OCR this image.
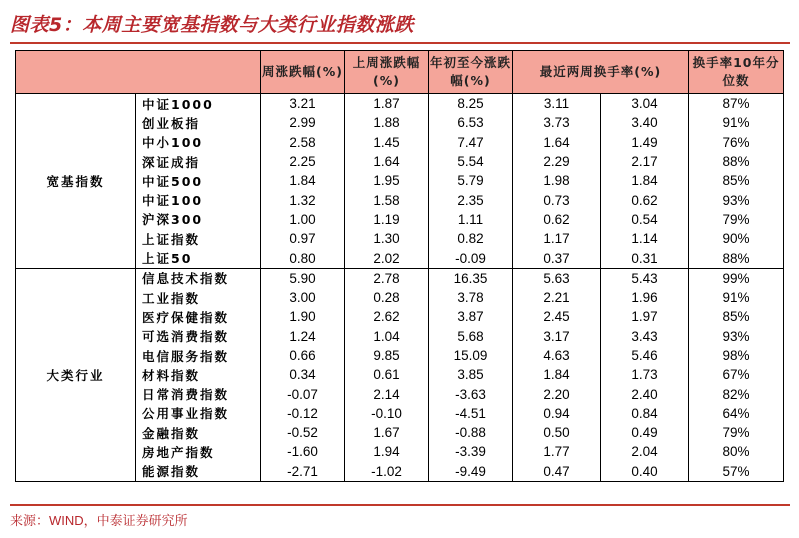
图表5：本周主要宽基指数与大类行业指数涨跌
		周涨跌幅(%)	上周涨跌幅(%)	年初至今涨跌幅(%)	最近两周换手率(%)		换手率10年分位数
宽基指数	中证1000	3.21	1.87	8.25	3.11	3.04	87%
	创业板指	2.99	1.88	6.53	3.73	3.40	91%
	中小100	2.58	1.45	7.47	1.64	1.49	76%
	深证成指	2.25	1.64	5.54	2.29	2.17	88%
	中证500	1.84	1.95	5.79	1.98	1.84	85%
	中证100	1.32	1.58	2.35	0.73	0.62	93%
	沪深300	1.00	1.19	1.11	0.62	0.54	79%
	上证指数	0.97	1.30	0.82	1.17	1.14	90%
	上证50	0.80	2.02	-0.09	0.37	0.31	88%
大类行业	信息技术指数	5.90	2.78	16.35	5.63	5.43	99%
	工业指数	3.00	0.28	3.78	2.21	1.96	91%
	医疗保健指数	1.90	2.62	3.87	2.45	1.97	85%
	可选消费指数	1.24	1.04	5.68	3.17	3.43	93%
	电信服务指数	0.66	9.85	15.09	4.63	5.46	98%
	材料指数	0.34	0.61	3.85	1.84	1.73	67%
	日常消费指数	-0.07	2.14	-3.63	2.20	2.40	82%
	公用事业指数	-0.12	-0.10	-4.51	0.94	0.84	64%
	金融指数	-0.52	1.67	-0.88	0.50	0.49	79%
	房地产指数	-1.60	1.94	-3.39	1.77	2.04	80%
	能源指数	-2.71	-1.02	-9.49	0.47	0.40	57%
来源：WIND，中泰证券研究所
